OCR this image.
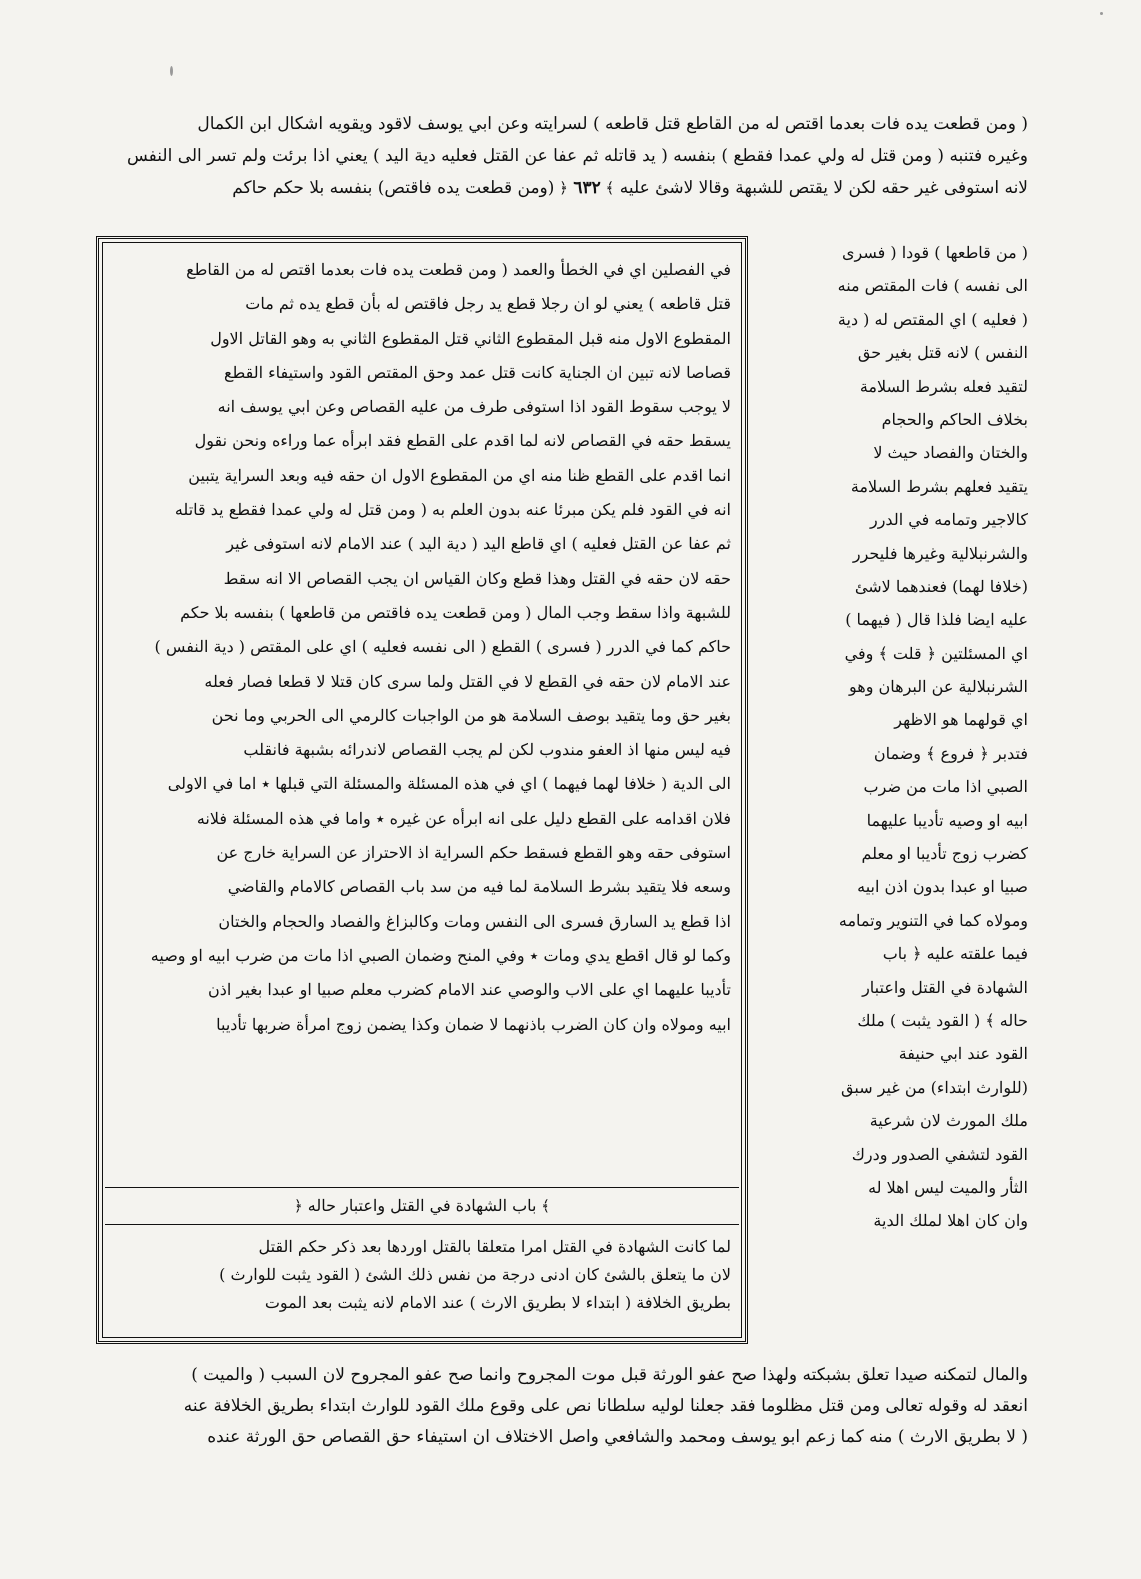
( ومن قطعت يده فات بعدما اقتص له من القاطع قتل قاطعه ) لسرايته وعن ابي يوسف لاقود ويقويه اشكال ابن الكمال
وغيره فتنبه ( ومن قتل له ولي عمدا فقطع ) بنفسه ( يد قاتله ثم عفا عن القتل فعليه دية اليد ) يعني اذا برئت ولم تسر الى النفس
لانه استوفى غير حقه لكن لا يقتص للشبهة وقالا لاشئ عليه ﴾ ٦٣٢ ﴿ (ومن قطعت يده فاقتص) بنفسه بلا حكم حاكم
في الفصلين اي في الخطأ والعمد ( ومن قطعت يده فات بعدما اقتص له من القاطع
قتل قاطعه ) يعني لو ان رجلا قطع يد رجل فاقتص له بأن قطع يده ثم مات
المقطوع الاول منه قبل المقطوع الثاني قتل المقطوع الثاني به وهو القاتل الاول
قصاصا لانه تبين ان الجناية كانت قتل عمد وحق المقتص القود واستيفاء القطع
لا يوجب سقوط القود اذا استوفى طرف من عليه القصاص وعن ابي يوسف انه
يسقط حقه في القصاص لانه لما اقدم على القطع فقد ابرأه عما وراءه ونحن نقول
انما اقدم على القطع ظنا منه اي من المقطوع الاول ان حقه فيه وبعد السراية يتبين
انه في القود فلم يكن مبرئا عنه بدون العلم به ( ومن قتل له ولي عمدا فقطع يد قاتله
ثم عفا عن القتل فعليه ) اي قاطع اليد ( دية اليد ) عند الامام لانه استوفى غير
حقه لان حقه في القتل وهذا قطع وكان القياس ان يجب القصاص الا انه سقط
للشبهة واذا سقط وجب المال ( ومن قطعت يده فاقتص من قاطعها ) بنفسه بلا حكم
حاكم كما في الدرر ( فسرى ) القطع ( الى نفسه فعليه ) اي على المقتص ( دية النفس )
عند الامام لان حقه في القطع لا في القتل ولما سرى كان قتلا لا قطعا فصار فعله
بغير حق وما يتقيد بوصف السلامة هو من الواجبات كالرمي الى الحربي وما نحن
فيه ليس منها اذ العفو مندوب لكن لم يجب القصاص لاندرائه بشبهة فانقلب
الى الدية ( خلافا لهما فيهما ) اي في هذه المسئلة والمسئلة التي قبلها ٭ اما في الاولى
فلان اقدامه على القطع دليل على انه ابرأه عن غيره ٭ واما في هذه المسئلة فلانه
استوفى حقه وهو القطع فسقط حكم السراية اذ الاحتراز عن السراية خارج عن
وسعه فلا يتقيد بشرط السلامة لما فيه من سد باب القصاص كالامام والقاضي
اذا قطع يد السارق فسرى الى النفس ومات وكالبزاغ والفصاد والحجام والختان
وكما لو قال اقطع يدي ومات ٭ وفي المنح وضمان الصبي اذا مات من ضرب ابيه او وصيه
تأديبا عليهما اي على الاب والوصي عند الامام كضرب معلم صبيا او عبدا بغير اذن
ابيه ومولاه وان كان الضرب باذنهما لا ضمان وكذا يضمن زوج امرأة ضربها تأديبا
﴾ باب الشهادة في القتل واعتبار حاله ﴿
لما كانت الشهادة في القتل امرا متعلقا بالقتل اوردها بعد ذكر حكم القتل
لان ما يتعلق بالشئ كان ادنى درجة من نفس ذلك الشئ ( القود يثبت للوارث )
بطريق الخلافة ( ابتداء لا بطريق الارث ) عند الامام لانه يثبت بعد الموت
( من قاطعها ) قودا ( فسرى
الى نفسه ) فات المقتص منه
( فعليه ) اي المقتص له ( دية
النفس ) لانه قتل بغير حق
لتقيد فعله بشرط السلامة
بخلاف الحاكم والحجام
والختان والفصاد حيث لا
يتقيد فعلهم بشرط السلامة
كالاجير وتمامه في الدرر
والشرنبلالية وغيرها فليحرر
(خلافا لهما) فعندهما لاشئ
عليه ايضا فلذا قال ( فيهما )
اي المسئلتين ﴿ قلت ﴾ وفي
الشرنبلالية عن البرهان وهو
اي قولهما هو الاظهر
فتدبر ﴿ فروع ﴾ وضمان
الصبي اذا مات من ضرب
ابيه او وصيه تأديبا عليهما
كضرب زوج تأديبا او معلم
صبيا او عبدا بدون اذن ابيه
ومولاه كما في التنوير وتمامه
فيما علقته عليه ﴿ باب
الشهادة في القتل واعتبار
حاله ﴾ ( القود يثبت ) ملك
القود عند ابي حنيفة
(للوارث ابتداء) من غير سبق
ملك المورث لان شرعية
القود لتشفي الصدور ودرك
الثأر والميت ليس اهلا له
وان كان اهلا لملك الدية
والمال لتمكنه صيدا تعلق بشبكته ولهذا صح عفو الورثة قبل موت المجروح وانما صح عفو المجروح لان السبب ( والميت )
انعقد له وقوله تعالى ومن قتل مظلوما فقد جعلنا لوليه سلطانا نص على وقوع ملك القود للوارث ابتداء بطريق الخلافة عنه
( لا بطريق الارث ) منه كما زعم ابو يوسف ومحمد والشافعي واصل الاختلاف ان استيفاء حق القصاص حق الورثة عنده
